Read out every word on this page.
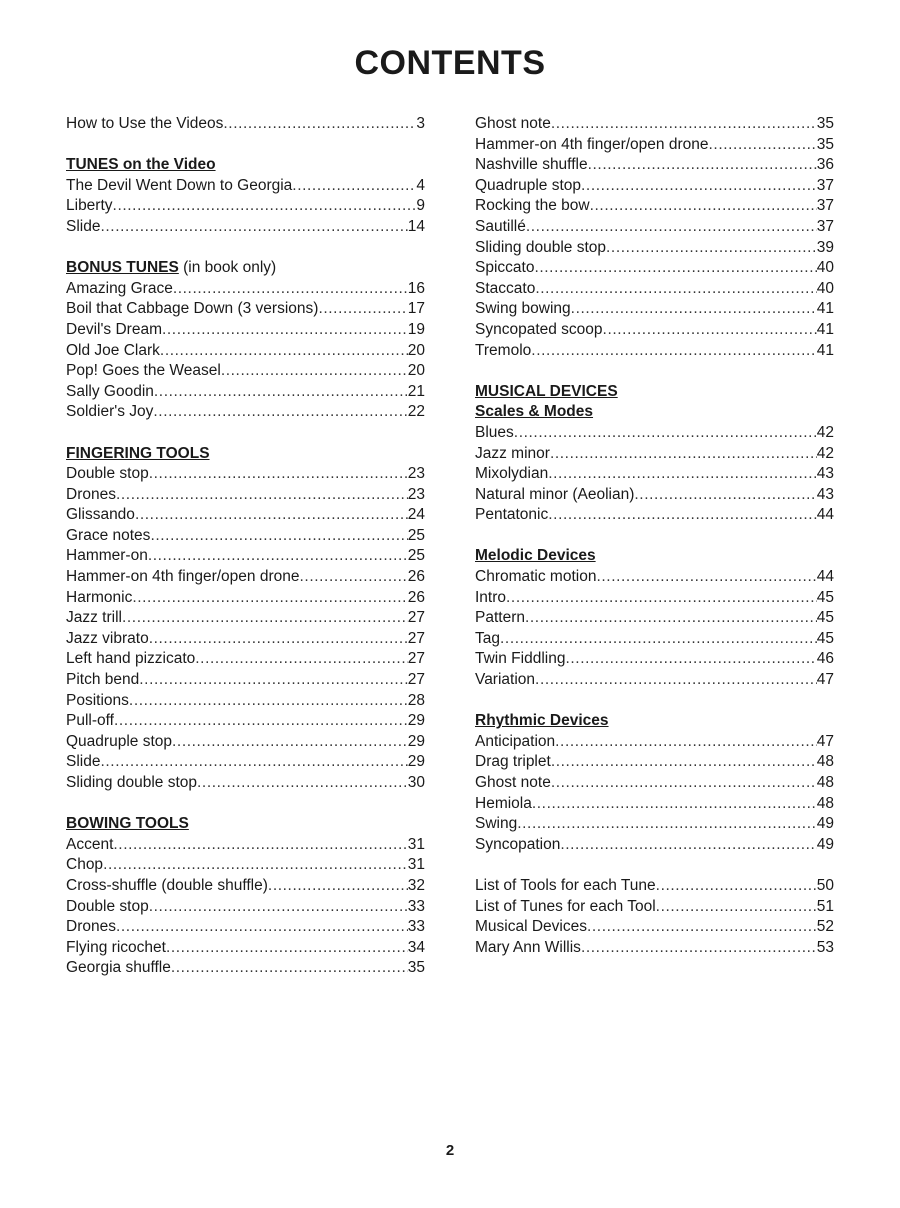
CONTENTS
How to Use the Videos .....	3
TUNES on the Video
The Devil Went Down to Georgia .....	4
Liberty .....	9
Slide .....	14
BONUS TUNES (in book only)
Amazing Grace .....	16
Boil that Cabbage Down (3 versions) .....	17
Devil's Dream .....	19
Old Joe Clark .....	20
Pop! Goes the Weasel .....	20
Sally Goodin .....	21
Soldier's Joy .....	22
FINGERING TOOLS
Double stop .....	23
Drones .....	23
Glissando .....	24
Grace notes .....	25
Hammer-on .....	25
Hammer-on 4th finger/open drone .....	26
Harmonic .....	26
Jazz trill .....	27
Jazz vibrato .....	27
Left hand pizzicato .....	27
Pitch bend .....	27
Positions .....	28
Pull-off .....	29
Quadruple stop .....	29
Slide .....	29
Sliding double stop .....	30
BOWING TOOLS
Accent .....	31
Chop .....	31
Cross-shuffle (double shuffle) .....	32
Double stop .....	33
Drones .....	33
Flying ricochet .....	34
Georgia shuffle .....	35
Ghost note .....	35
Hammer-on 4th finger/open drone .....	35
Nashville shuffle .....	36
Quadruple stop .....	37
Rocking the bow .....	37
Sautillé .....	37
Sliding double stop .....	39
Spiccato .....	40
Staccato .....	40
Swing bowing .....	41
Syncopated scoop .....	41
Tremolo .....	41
MUSICAL DEVICES
Scales & Modes
Blues .....	42
Jazz minor .....	42
Mixolydian .....	43
Natural minor (Aeolian) .....	43
Pentatonic .....	44
Melodic Devices
Chromatic motion .....	44
Intro .....	45
Pattern .....	45
Tag .....	45
Twin Fiddling .....	46
Variation .....	47
Rhythmic Devices
Anticipation .....	47
Drag triplet .....	48
Ghost note .....	48
Hemiola .....	48
Swing .....	49
Syncopation .....	49
List of Tools for each Tune .....	50
List of Tunes for each Tool .....	51
Musical Devices .....	52
Mary Ann Willis .....	53
2
